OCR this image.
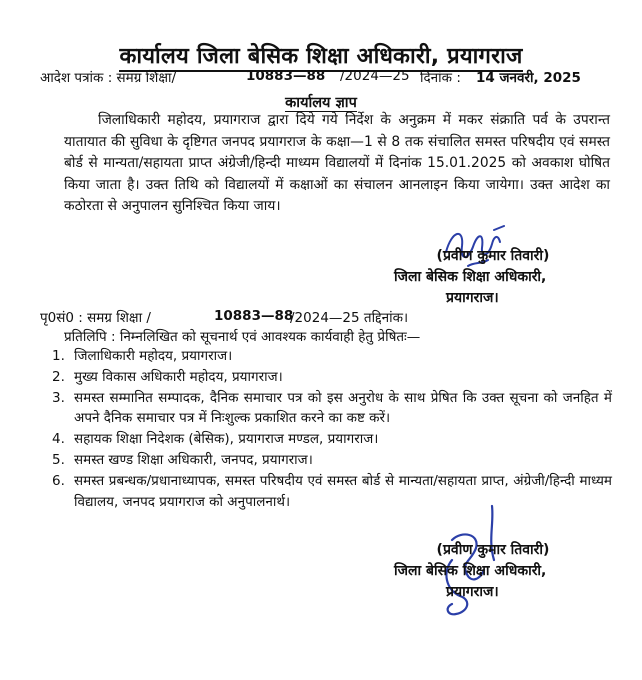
कार्यालय जिला बेसिक शिक्षा अधिकारी, प्रयागराज
आदेश पत्रांक : समग्र शिक्षा/	10883—88 /2024—25 दिनांक : 14 जनवरी, 2025
कार्यालय ज्ञाप

जिलाधिकारी महोदय, प्रयागराज द्वारा दिये गये निर्देश के अनुक्रम में मकर संक्राति पर्व के उपरान्त यातायात की सुविधा के दृष्टिगत जनपद प्रयागराज के कक्षा—1 से 8 तक संचालित समस्त परिषदीय एवं समस्त बोर्ड से मान्यता/सहायता प्राप्त अंग्रेजी/हिन्दी माध्यम विद्यालयों में दिनांक 15.01.2025 को अवकाश घोषित किया जाता है। उक्त तिथि को विद्यालयों में कक्षाओं का संचालन आनलाइन किया जायेगा। उक्त आदेश का कठोरता से अनुपालन सुनिश्चित किया जाय।

(प्रवीण कुमार तिवारी)
जिला बेसिक शिक्षा अधिकारी,
प्रयागराज।
पृ0सं0 : समग्र शिक्षा /	10883—88
/2024—25 तद्दिनांक।
प्रतिलिपि : निम्नलिखित को सूचनार्थ एवं आवश्यक कार्यवाही हेतु प्रेषितः—
1. जिलाधिकारी महोदय, प्रयागराज।
2. मुख्य विकास अधिकारी महोदय, प्रयागराज।
3. समस्त सम्मानित सम्पादक, दैनिक समाचार पत्र को इस अनुरोध के साथ प्रेषित कि उक्त सूचना को जनहित में अपने दैनिक समाचार पत्र में निःशुल्क प्रकाशित करने का कष्ट करें।
4. सहायक शिक्षा निदेशक (बेसिक), प्रयागराज मण्डल, प्रयागराज।
5. समस्त खण्ड शिक्षा अधिकारी, जनपद, प्रयागराज।
6. समस्त प्रबन्धक/प्रधानाध्यापक, समस्त परिषदीय एवं समस्त बोर्ड से मान्यता/सहायता प्राप्त, अंग्रेजी/हिन्दी माध्यम विद्यालय, जनपद प्रयागराज को अनुपालनार्थ।
(प्रवीण कुमार तिवारी)
जिला बेसिक शिक्षा अधिकारी,
प्रयागराज।
